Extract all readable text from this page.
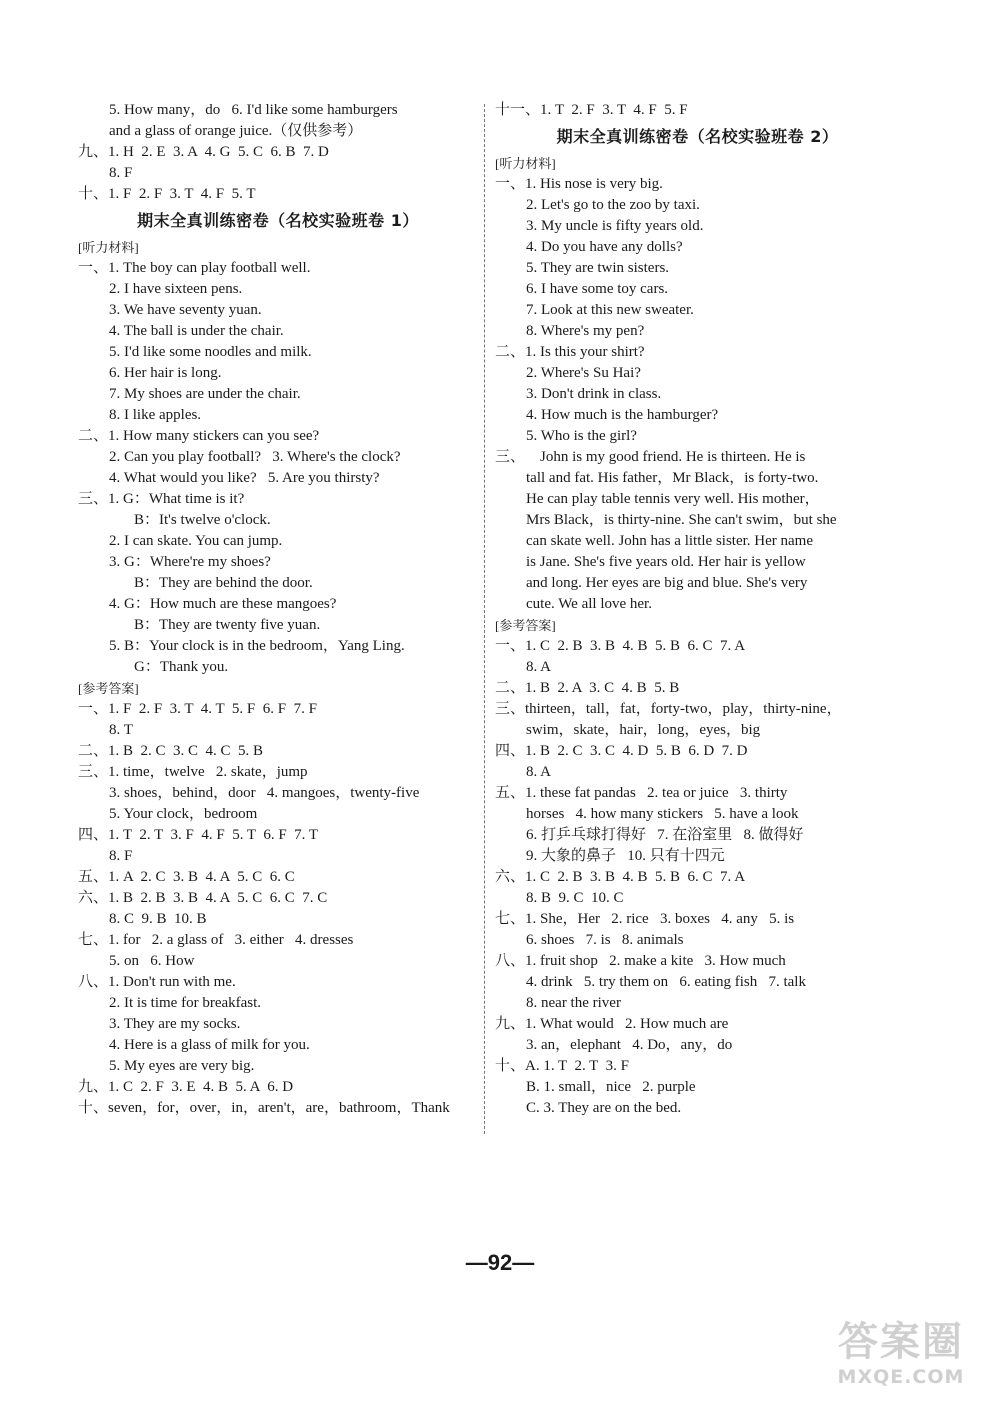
5. How many，do   6. I'd like some hamburgers
and a glass of orange juice.（仅供参考）
九、1. H  2. E  3. A  4. G  5. C  6. B  7. D
8. F
十、1. F  2. F  3. T  4. F  5. T
期末全真训练密卷（名校实验班卷 1）
[听力材料]
一、1. The boy can play football well.
2. I have sixteen pens.
3. We have seventy yuan.
4. The ball is under the chair.
5. I'd like some noodles and milk.
6. Her hair is long.
7. My shoes are under the chair.
8. I like apples.
二、1. How many stickers can you see?
2. Can you play football?   3. Where's the clock?
4. What would you like?   5. Are you thirsty?
三、1. G：What time is it?
B：It's twelve o'clock.
2. I can skate. You can jump.
3. G：Where're my shoes?
B：They are behind the door.
4. G：How much are these mangoes?
B：They are twenty five yuan.
5. B：Your clock is in the bedroom，Yang Ling.
G：Thank you.
[参考答案]
一、1. F  2. F  3. T  4. T  5. F  6. F  7. F
8. T
二、1. B  2. C  3. C  4. C  5. B
三、1. time，twelve   2. skate，jump
3. shoes，behind，door   4. mangoes，twenty-five
5. Your clock，bedroom
四、1. T  2. T  3. F  4. F  5. T  6. F  7. T
8. F
五、1. A  2. C  3. B  4. A  5. C  6. C
六、1. B  2. B  3. B  4. A  5. C  6. C  7. C
8. C  9. B  10. B
七、1. for   2. a glass of   3. either   4. dresses
5. on   6. How
八、1. Don't run with me.
2. It is time for breakfast.
3. They are my socks.
4. Here is a glass of milk for you.
5. My eyes are very big.
九、1. C  2. F  3. E  4. B  5. A  6. D
十、seven，for，over，in，aren't，are，bathroom，Thank
十一、1. T  2. F  3. T  4. F  5. F
期末全真训练密卷（名校实验班卷 2）
[听力材料]
一、1. His nose is very big.
2. Let's go to the zoo by taxi.
3. My uncle is fifty years old.
4. Do you have any dolls?
5. They are twin sisters.
6. I have some toy cars.
7. Look at this new sweater.
8. Where's my pen?
二、1. Is this your shirt?
2. Where's Su Hai?
3. Don't drink in class.
4. How much is the hamburger?
5. Who is the girl?
三、    John is my good friend. He is thirteen. He is
tall and fat. His father，Mr Black，is forty-two.
He can play table tennis very well. His mother，
Mrs Black，is thirty-nine. She can't swim，but she
can skate well. John has a little sister. Her name
is Jane. She's five years old. Her hair is yellow
and long. Her eyes are big and blue. She's very
cute. We all love her.
[参考答案]
一、1. C  2. B  3. B  4. B  5. B  6. C  7. A
8. A
二、1. B  2. A  3. C  4. B  5. B
三、thirteen，tall，fat，forty-two，play，thirty-nine，
swim，skate，hair，long，eyes，big
四、1. B  2. C  3. C  4. D  5. B  6. D  7. D
8. A
五、1. these fat pandas   2. tea or juice   3. thirty
horses   4. how many stickers   5. have a look
6. 打乒乓球打得好   7. 在浴室里   8. 做得好
9. 大象的鼻子   10. 只有十四元
六、1. C  2. B  3. B  4. B  5. B  6. C  7. A
8. B  9. C  10. C
七、1. She，Her   2. rice   3. boxes   4. any   5. is
6. shoes   7. is   8. animals
八、1. fruit shop   2. make a kite   3. How much
4. drink   5. try them on   6. eating fish   7. talk
8. near the river
九、1. What would   2. How much are
3. an，elephant   4. Do，any，do
十、A. 1. T  2. T  3. F
B. 1. small，nice   2. purple
C. 3. They are on the bed.
—92—
答案圈
MXQE.COM
